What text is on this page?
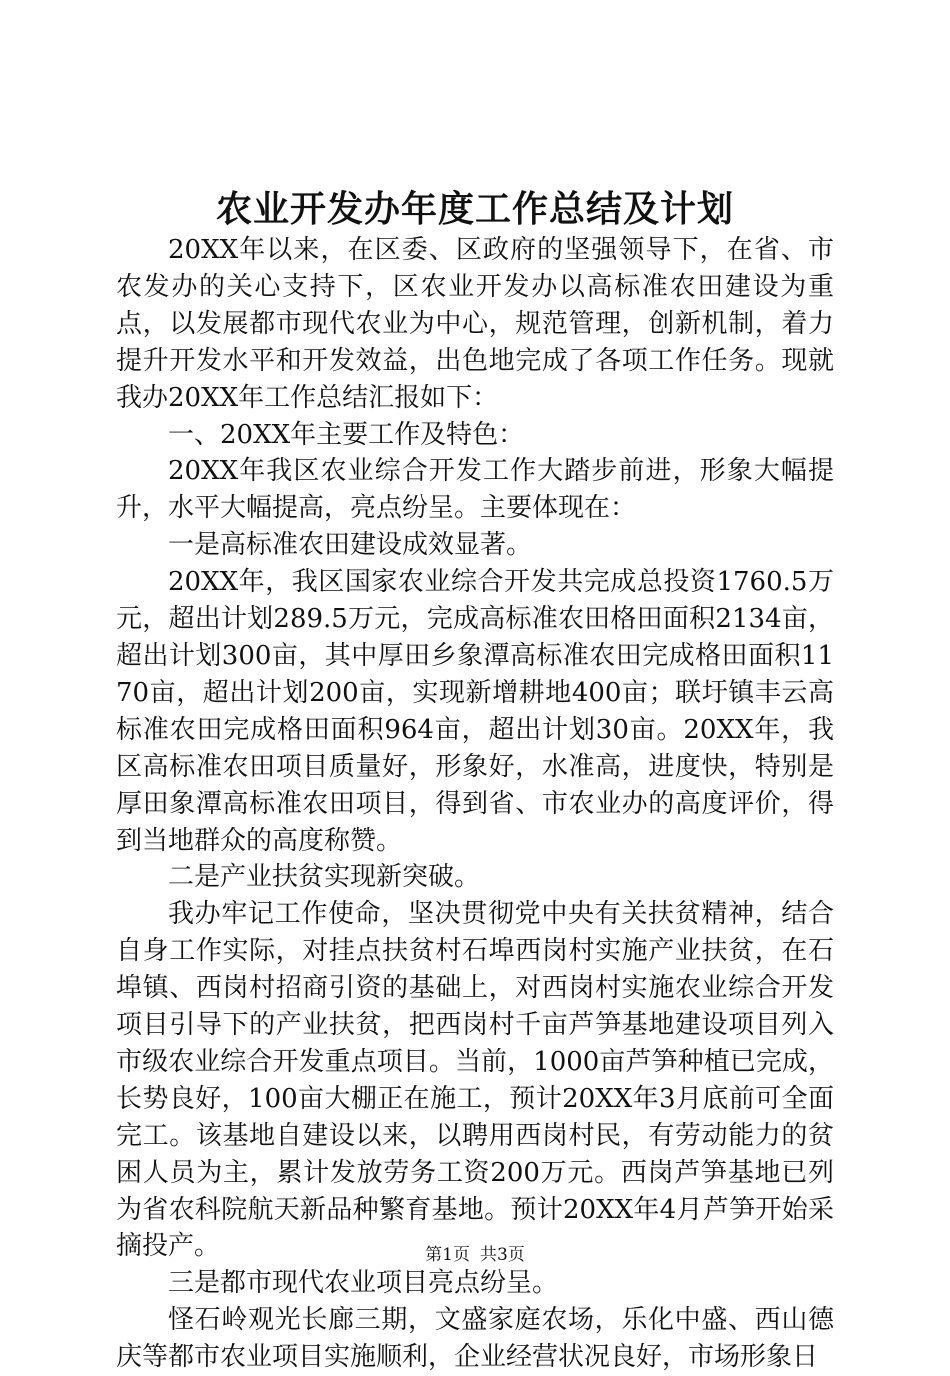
农业开发办年度工作总结及计划

20XX年以来，在区委、区政府的坚强领导下，在省、市农发办的关心支持下，区农业开发办以高标准农田建设为重点，以发展都市现代农业为中心，规范管理，创新机制，着力提升开发水平和开发效益，出色地完成了各项工作任务。现就我办20XX年工作总结汇报如下：

一、20XX年主要工作及特色：

20XX年我区农业综合开发工作大踏步前进，形象大幅提升，水平大幅提高，亮点纷呈。主要体现在：

一是高标准农田建设成效显著。

20XX年，我区国家农业综合开发共完成总投资1760.5万元，超出计划289.5万元，完成高标准农田格田面积2134亩，超出计划300亩，其中厚田乡象潭高标准农田完成格田面积1170亩，超出计划200亩，实现新增耕地400亩；联圩镇丰云高标准农田完成格田面积964亩，超出计划30亩。20XX年，我区高标准农田项目质量好，形象好，水准高，进度快，特别是厚田象潭高标准农田项目，得到省、市农业办的高度评价，得到当地群众的高度称赞。

二是产业扶贫实现新突破。

我办牢记工作使命，坚决贯彻党中央有关扶贫精神，结合自身工作实际，对挂点扶贫村石埠西岗村实施产业扶贫，在石埠镇、西岗村招商引资的基础上，对西岗村实施农业综合开发项目引导下的产业扶贫，把西岗村千亩芦笋基地建设项目列入市级农业综合开发重点项目。当前，1000亩芦笋种植已完成，长势良好，100亩大棚正在施工，预计20XX年3月底前可全面完工。该基地自建设以来，以聘用西岗村民，有劳动能力的贫困人员为主，累计发放劳务工资200万元。西岗芦笋基地已列为省农科院航天新品种繁育基地。预计20XX年4月芦笋开始采摘投产。

三是都市现代农业项目亮点纷呈。

怪石岭观光长廊三期，文盛家庭农场，乐化中盛、西山德庆等都市农业项目实施顺利，企业经营状况良好，市场形象日

第1页 共3页
